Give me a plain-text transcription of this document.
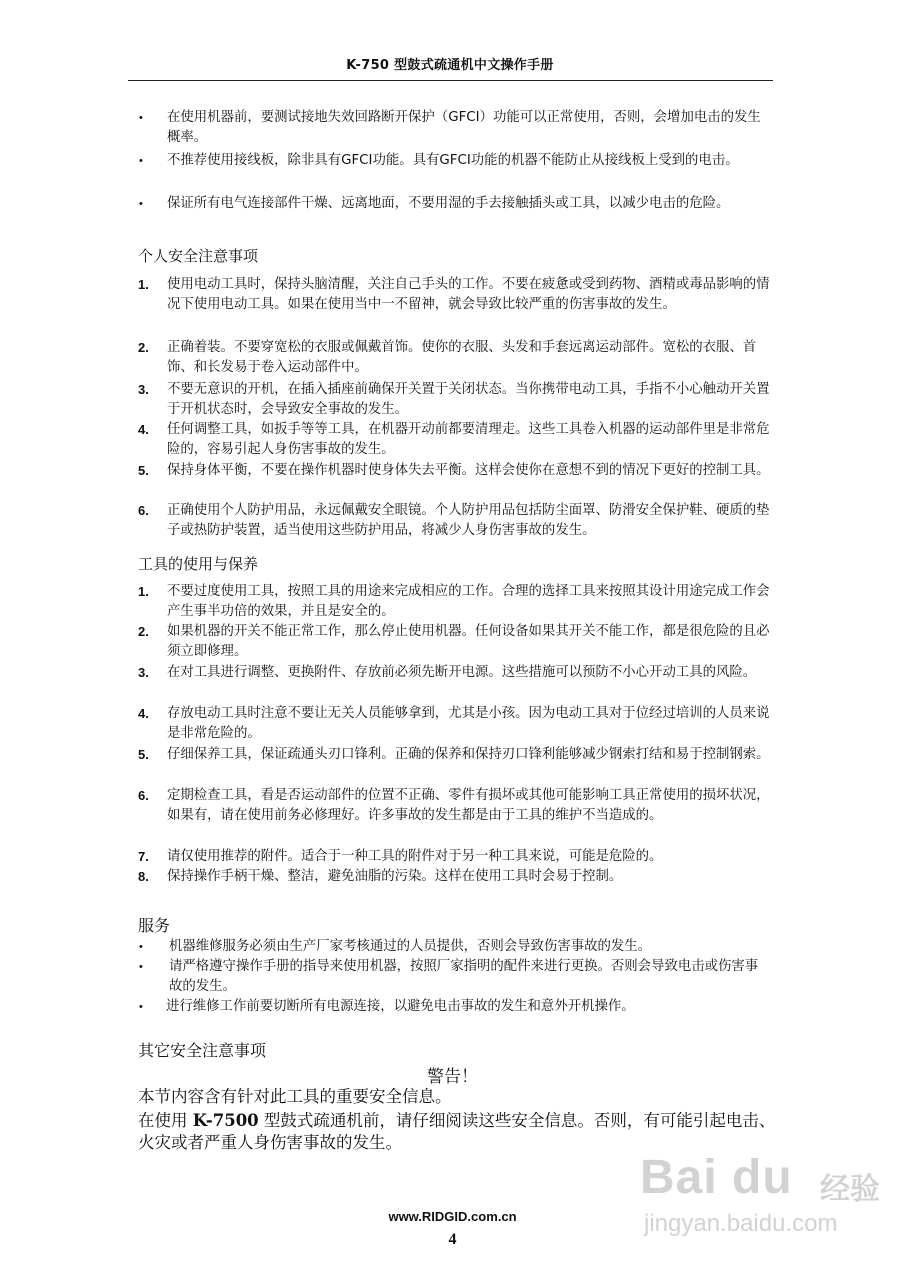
K-750 型鼓式疏通机中文操作手册
•	在使用机器前，要测试接地失效回路断开保护（GFCI）功能可以正常使用，否则，会增加电击的发生概率。
•	不推荐使用接线板，除非具有GFCI功能。具有GFCI功能的机器不能防止从接线板上受到的电击。
•	保证所有电气连接部件干燥、远离地面，不要用湿的手去接触插头或工具，以减少电击的危险。
个人安全注意事项
1.	使用电动工具时，保持头脑清醒，关注自己手头的工作。不要在疲惫或受到药物、酒精或毒品影响的情况下使用电动工具。如果在使用当中一不留神，就会导致比较严重的伤害事故的发生。
2.	正确着装。不要穿宽松的衣服或佩戴首饰。使你的衣服、头发和手套远离运动部件。宽松的衣服、首饰、和长发易于卷入运动部件中。
3.	不要无意识的开机，在插入插座前确保开关置于关闭状态。当你携带电动工具，手指不小心触动开关置于开机状态时，会导致安全事故的发生。
4.	任何调整工具，如扳手等等工具，在机器开动前都要清理走。这些工具卷入机器的运动部件里是非常危险的，容易引起人身伤害事故的发生。
5.	保持身体平衡，不要在操作机器时使身体失去平衡。这样会使你在意想不到的情况下更好的控制工具。
6.	正确使用个人防护用品，永远佩戴安全眼镜。个人防护用品包括防尘面罩、防滑安全保护鞋、硬质的垫子或热防护装置，适当使用这些防护用品，将减少人身伤害事故的发生。
工具的使用与保养
1.	不要过度使用工具，按照工具的用途来完成相应的工作。合理的选择工具来按照其设计用途完成工作会产生事半功倍的效果，并且是安全的。
2.	如果机器的开关不能正常工作，那么停止使用机器。任何设备如果其开关不能工作，都是很危险的且必须立即修理。
3.	在对工具进行调整、更换附件、存放前必须先断开电源。这些措施可以预防不小心开动工具的风险。
4.	存放电动工具时注意不要让无关人员能够拿到，尤其是小孩。因为电动工具对于位经过培训的人员来说是非常危险的。
5.	仔细保养工具，保证疏通头刃口锋利。正确的保养和保持刃口锋利能够减少钢索打结和易于控制钢索。
6.	定期检查工具，看是否运动部件的位置不正确、零件有损坏或其他可能影响工具正常使用的损坏状况，如果有，请在使用前务必修理好。许多事故的发生都是由于工具的维护不当造成的。
7.	请仅使用推荐的附件。适合于一种工具的附件对于另一种工具来说，可能是危险的。
8.	保持操作手柄干燥、整洁，避免油脂的污染。这样在使用工具时会易于控制。
服务
•	机器维修服务必须由生产厂家考核通过的人员提供，否则会导致伤害事故的发生。
•	请严格遵守操作手册的指导来使用机器，按照厂家指明的配件来进行更换。否则会导致电击或伤害事故的发生。
•	进行维修工作前要切断所有电源连接，以避免电击事故的发生和意外开机操作。
其它安全注意事项
警告！
本节内容含有针对此工具的重要安全信息。
在使用 K-7500 型鼓式疏通机前，请仔细阅读这些安全信息。否则，有可能引起电击、火灾或者严重人身伤害事故的发生。
www.RIDGID.com.cn
4
Bai du 经验
jingyan.baidu.com
